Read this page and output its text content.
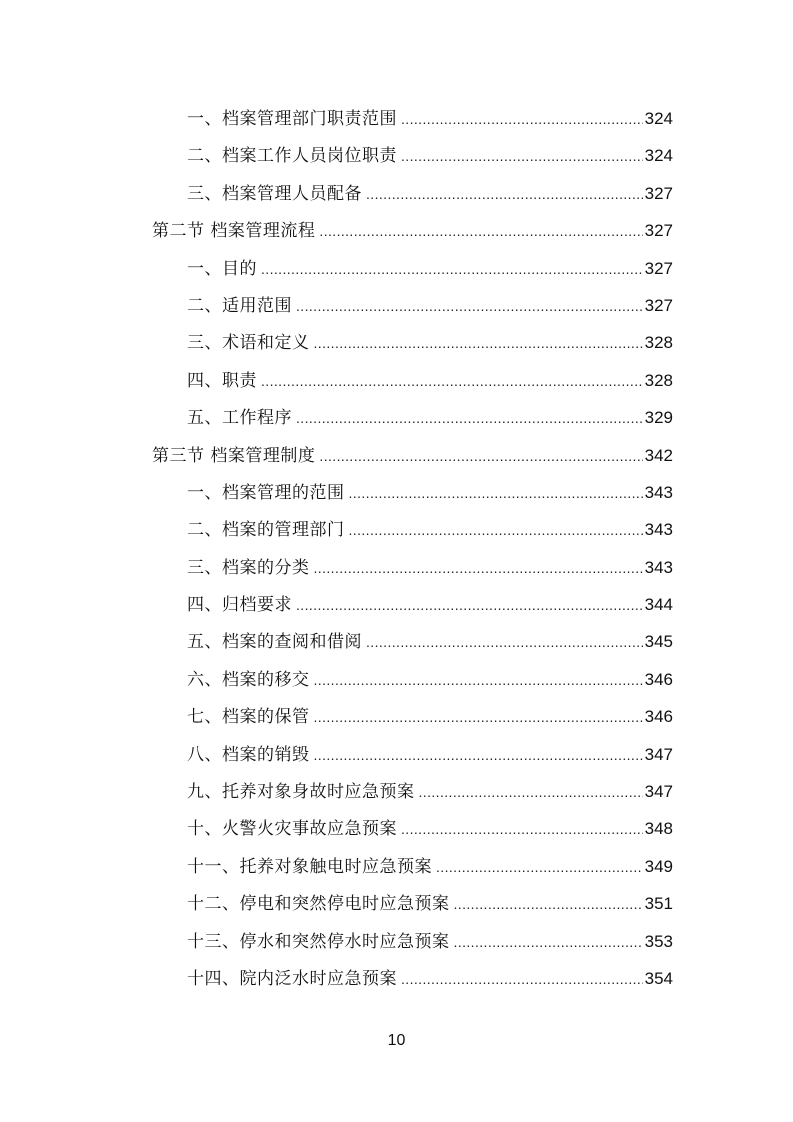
一、档案管理部门职责范围 .....	324
二、档案工作人员岗位职责 .....	324
三、档案管理人员配备 .....	327
第二节 档案管理流程 .....	327
一、目的 .....	327
二、适用范围 .....	327
三、术语和定义 .....	328
四、职责 .....	328
五、工作程序 .....	329
第三节 档案管理制度 .....	342
一、档案管理的范围 .....	343
二、档案的管理部门 .....	343
三、档案的分类 .....	343
四、归档要求 .....	344
五、档案的查阅和借阅 .....	345
六、档案的移交 .....	346
七、档案的保管 .....	346
八、档案的销毁 .....	347
九、托养对象身故时应急预案 .....	347
十、火警火灾事故应急预案 .....	348
十一、托养对象触电时应急预案 .....	349
十二、停电和突然停电时应急预案 .....	351
十三、停水和突然停水时应急预案 .....	353
十四、院内泛水时应急预案 .....	354
10
